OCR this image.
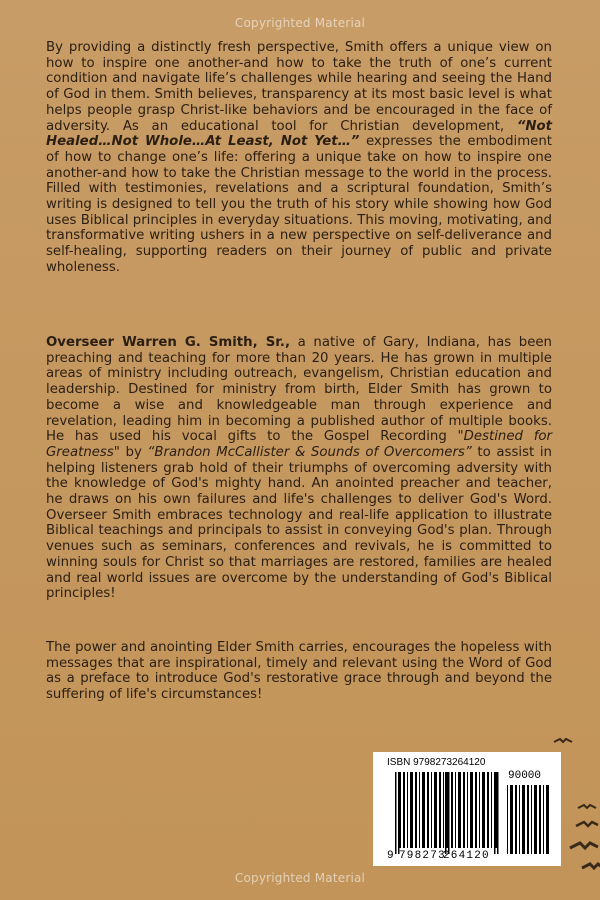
Copyrighted Material

By providing a distinctly fresh perspective, Smith offers a unique view on how to inspire one another-and how to take the truth of one’s current condition and navigate life’s challenges while hearing and seeing the Hand of God in them. Smith believes, transparency at its most basic level is what helps people grasp Christ-like behaviors and be encouraged in the face of adversity. As an educational tool for Christian development, “Not Healed…Not Whole…At Least, Not Yet…” expresses the embodiment of how to change one’s life: offering a unique take on how to inspire one another-and how to take the Christian message to the world in the process. Filled with testimonies, revelations and a scriptural foundation, Smith’s writing is designed to tell you the truth of his story while showing how God uses Biblical principles in everyday situations. This moving, motivating, and transformative writing ushers in a new perspective on self-deliverance and self-healing, supporting readers on their journey of public and private wholeness.

Overseer Warren G. Smith, Sr., a native of Gary, Indiana, has been preaching and teaching for more than 20 years. He has grown in multiple areas of ministry including outreach, evangelism, Christian education and leadership. Destined for ministry from birth, Elder Smith has grown to become a wise and knowledgeable man through experience and revelation, leading him in becoming a published author of multiple books. He has used his vocal gifts to the Gospel Recording "Destined for Greatness" by “Brandon McCallister & Sounds of Overcomers” to assist in helping listeners grab hold of their triumphs of overcoming adversity with the knowledge of God's mighty hand. An anointed preacher and teacher, he draws on his own failures and life's challenges to deliver God's Word. Overseer Smith embraces technology and real-life application to illustrate Biblical teachings and principals to assist in conveying God's plan. Through venues such as seminars, conferences and revivals, he is committed to winning souls for Christ so that marriages are restored, families are healed and real world issues are overcome by the understanding of God's Biblical principles!

The power and anointing Elder Smith carries, encourages the hopeless with messages that are inspirational, timely and relevant using the Word of God as a preface to introduce God's restorative grace through and beyond the suffering of life's circumstances!

ISBN 9798273264120
90000
9 798273
264120
Copyrighted Material
